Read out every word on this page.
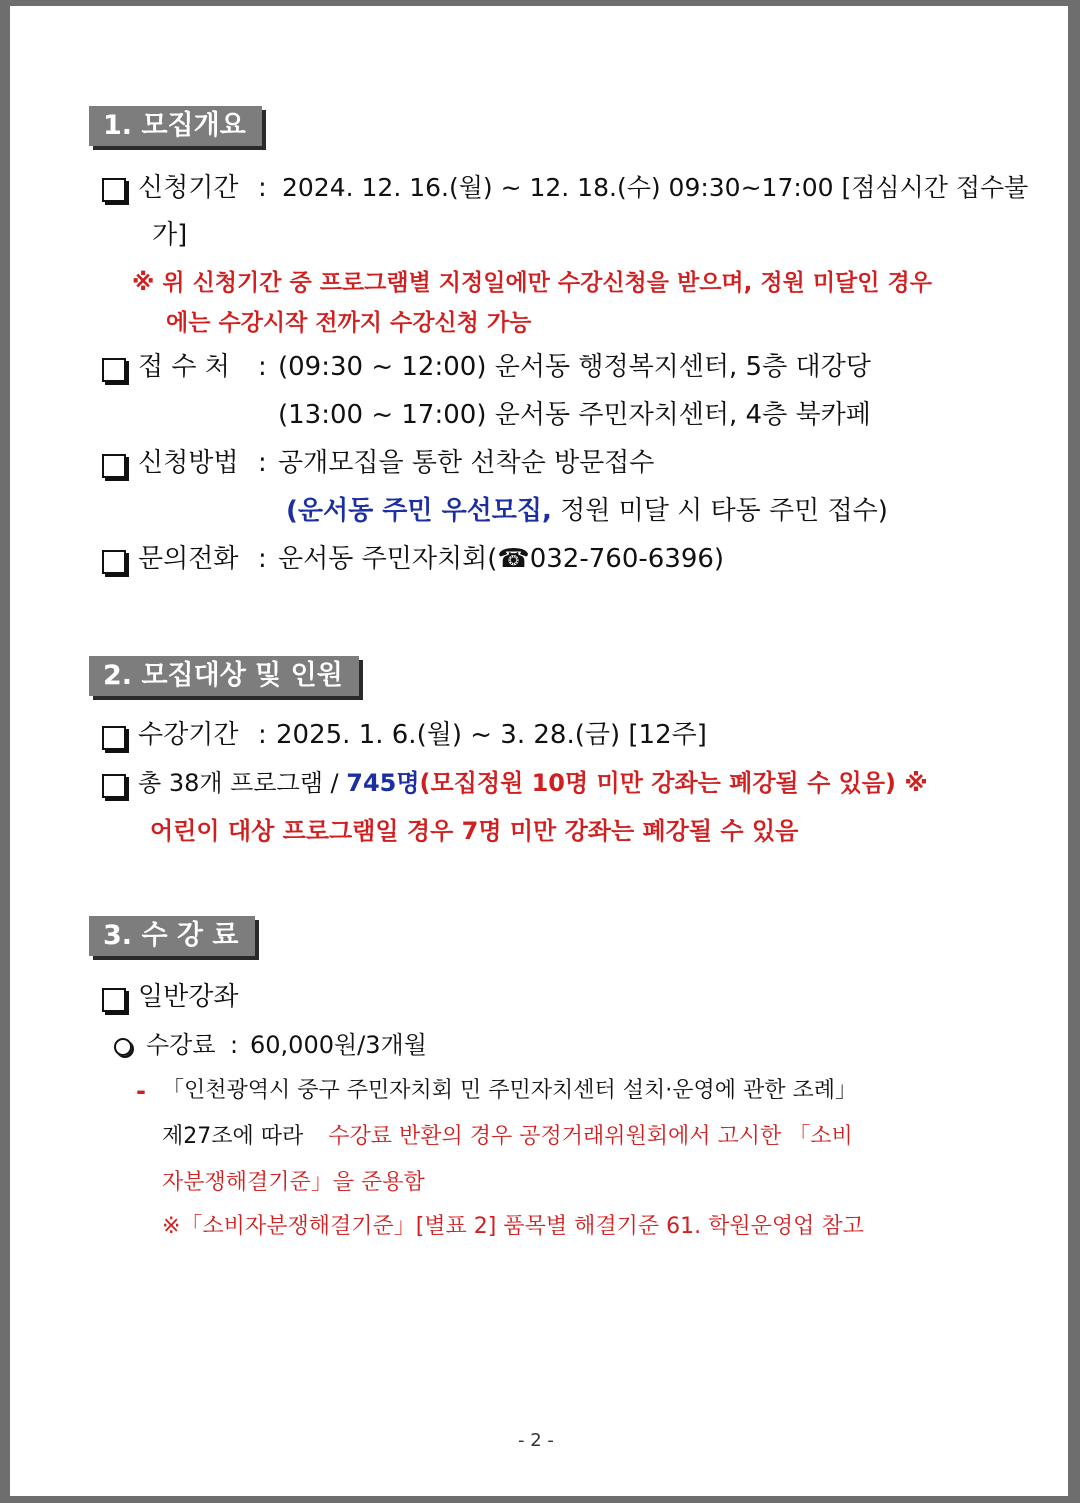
1. 모집개요
신청기간 : 2024. 12. 16.(월) ~ 12. 18.(수) 09:30~17:00 [점심시간 접수불
가]
※ 위 신청기간 중 프로그램별 지정일에만 수강신청을 받으며, 정원 미달인 경우
에는 수강시작 전까지 수강신청 가능
접 수 처 : (09:30 ~ 12:00) 운서동 행정복지센터, 5층 대강당
(13:00 ~ 17:00) 운서동 주민자치센터, 4층 북카페
신청방법 : 공개모집을 통한 선착순 방문접수
(운서동 주민 우선모집, 정원 미달 시 타동 주민 접수)
문의전화 : 운서동 주민자치회(☎032-760-6396)
2. 모집대상 및 인원
수강기간 : 2025. 1. 6.(월) ~ 3. 28.(금) [12주]
총 38개 프로그램 / 745명(모집정원 10명 미만 강좌는 폐강될 수 있음) ※
어린이 대상 프로그램일 경우 7명 미만 강좌는 폐강될 수 있음
3. 수 강 료
일반강좌
수강료 : 60,000원/3개월
- 「인천광역시 중구 주민자치회 민 주민자치센터 설치·운영에 관한 조례」
제27조에 따라 수강료 반환의 경우 공정거래위원회에서 고시한 「소비
자분쟁해결기준」을 준용함
※「소비자분쟁해결기준」[별표 2] 품목별 해결기준 61. 학원운영업 참고
- 2 -
